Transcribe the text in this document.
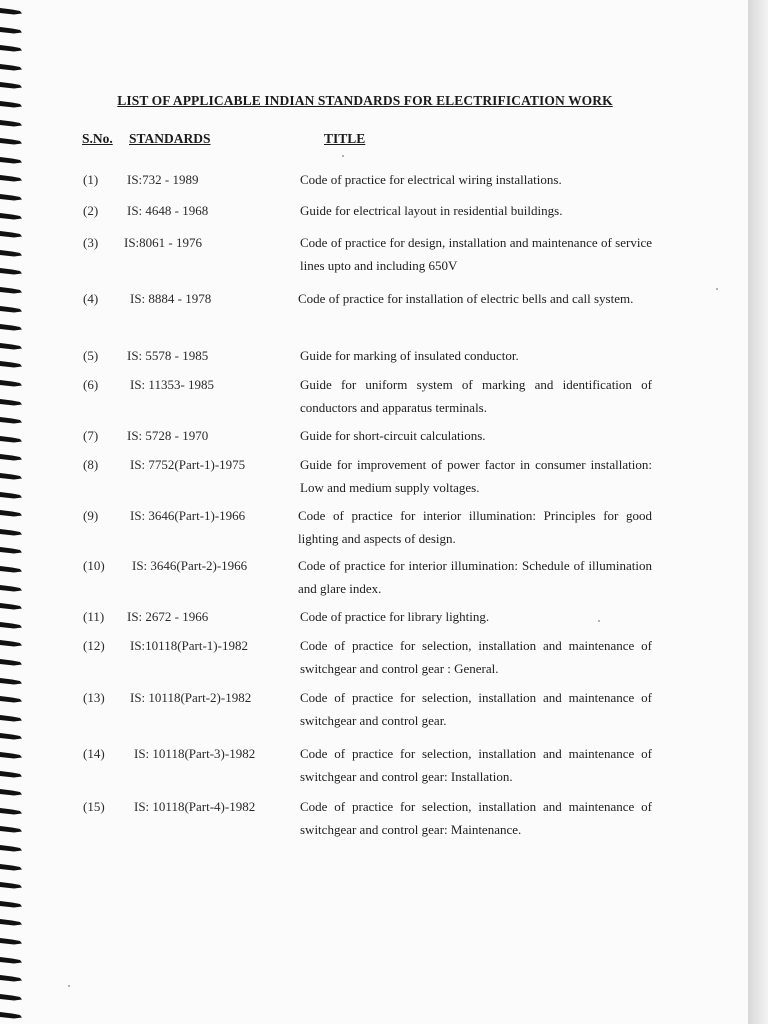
LIST OF APPLICABLE INDIAN STANDARDS FOR ELECTRIFICATION WORK
S.No. STANDARDS	TITLE
(1) IS:732 - 1989	Code of practice for electrical wiring installations.
(2) IS: 4648 - 1968	Guide for electrical layout in residential buildings.
(3) IS:8061 - 1976	Code of practice for design, installation and maintenance of service lines upto and including 650V
(4) IS: 8884 - 1978	Code of practice for installation of electric bells and call system.
(5) IS: 5578 - 1985	Guide for marking of insulated conductor.
(6) IS: 11353- 1985	Guide for uniform system of marking and identification of conductors and apparatus terminals.
(7) IS: 5728 - 1970	Guide for short-circuit calculations.
(8) IS: 7752(Part-1)-1975	Guide for improvement of power factor in consumer installation: Low and medium supply voltages.
(9) IS: 3646(Part-1)-1966	Code of practice for interior illumination: Principles for good lighting and aspects of design.
(10) IS: 3646(Part-2)-1966	Code of practice for interior illumination: Schedule of illumination and glare index.
(11) IS: 2672 - 1966	Code of practice for library lighting.
(12) IS:10118(Part-1)-1982	Code of practice for selection, installation and maintenance of switchgear and control gear : General.
(13) IS: 10118(Part-2)-1982	Code of practice for selection, installation and maintenance of switchgear and control gear.
(14) IS: 10118(Part-3)-1982	Code of practice for selection, installation and maintenance of switchgear and control gear: Installation.
(15) IS: 10118(Part-4)-1982	Code of practice for selection, installation and maintenance of switchgear and control gear: Maintenance.
